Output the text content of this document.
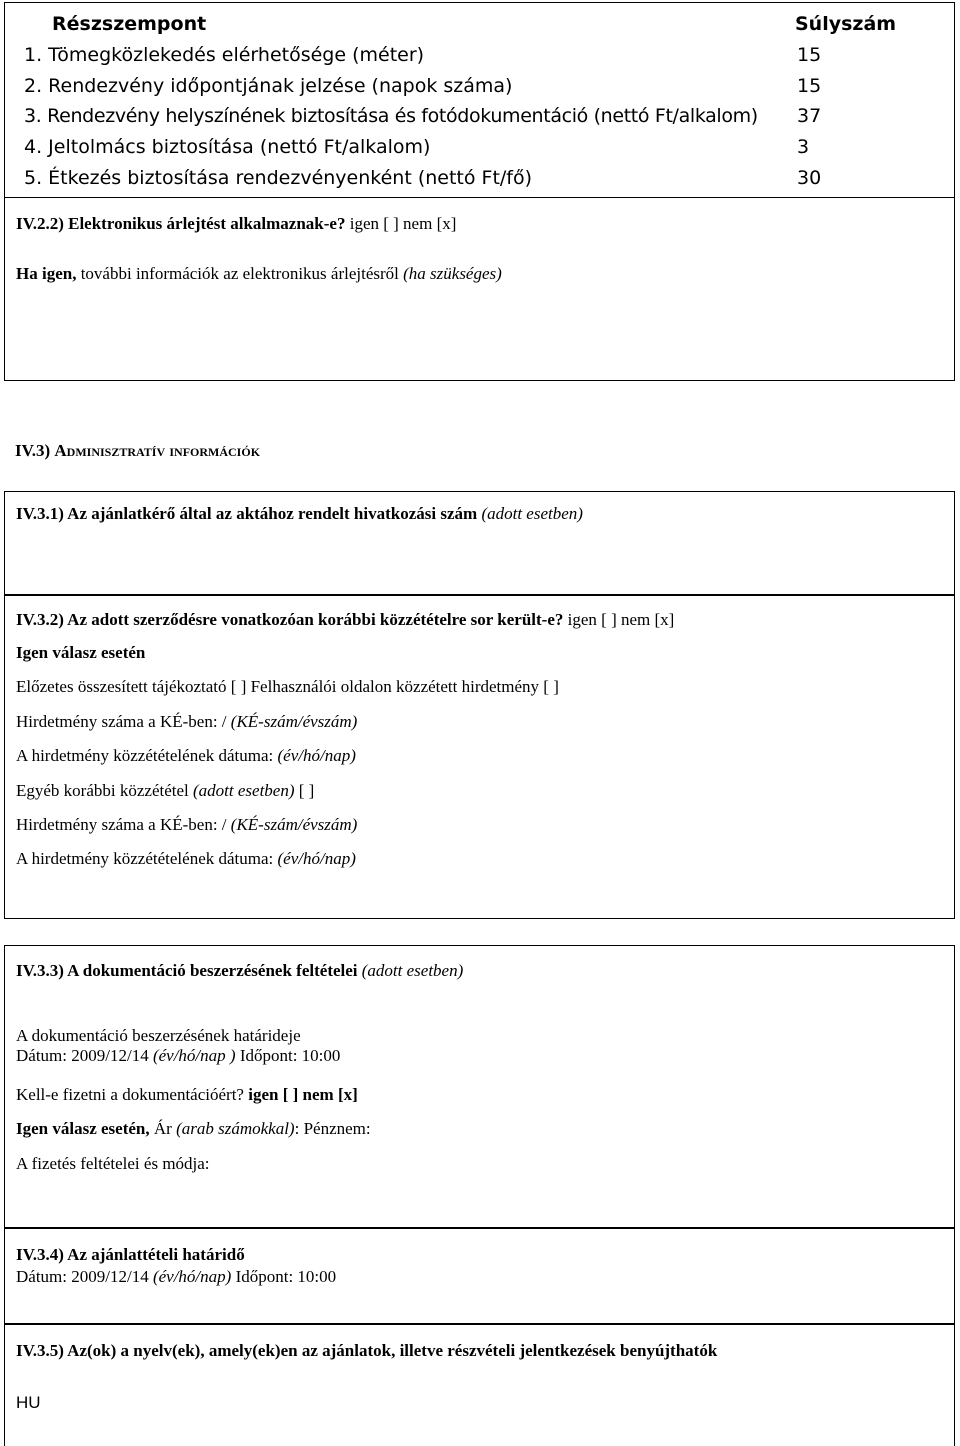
Részszempont	Súlyszám
1. Tömegközlekedés elérhetősége (méter)	15
2. Rendezvény időpontjának jelzése (napok száma)	15
3. Rendezvény helyszínének biztosítása és fotódokumentáció (nettó Ft/alkalom) 37
4. Jeltolmács biztosítása (nettó Ft/alkalom)	3
5. Étkezés biztosítása rendezvényenként (nettó Ft/fő)	30
IV.2.2) Elektronikus árlejtést alkalmaznak-e? igen [ ] nem [x]
Ha igen, további információk az elektronikus árlejtésről (ha szükséges)
IV.3) Adminisztratív információk
IV.3.1) Az ajánlatkérő által az aktához rendelt hivatkozási szám (adott esetben)
IV.3.2) Az adott szerződésre vonatkozóan korábbi közzétételre sor került-e? igen [ ] nem [x]
Igen válasz esetén
Előzetes összesített tájékoztató [ ] Felhasználói oldalon közzétett hirdetmény [ ]
Hirdetmény száma a KÉ-ben: / (KÉ-szám/évszám)
A hirdetmény közzétételének dátuma: (év/hó/nap)
Egyéb korábbi közzététel (adott esetben) [ ]
Hirdetmény száma a KÉ-ben: / (KÉ-szám/évszám)
A hirdetmény közzétételének dátuma: (év/hó/nap)
IV.3.3) A dokumentáció beszerzésének feltételei (adott esetben)
A dokumentáció beszerzésének határideje
Dátum: 2009/12/14 (év/hó/nap ) Időpont: 10:00
Kell-e fizetni a dokumentációért? igen [ ] nem [x]
Igen válasz esetén, Ár (arab számokkal): Pénznem:
A fizetés feltételei és módja:
IV.3.4) Az ajánlattételi határidő
Dátum: 2009/12/14 (év/hó/nap) Időpont: 10:00
IV.3.5) Az(ok) a nyelv(ek), amely(ek)en az ajánlatok, illetve részvételi jelentkezések benyújthatók
HU
